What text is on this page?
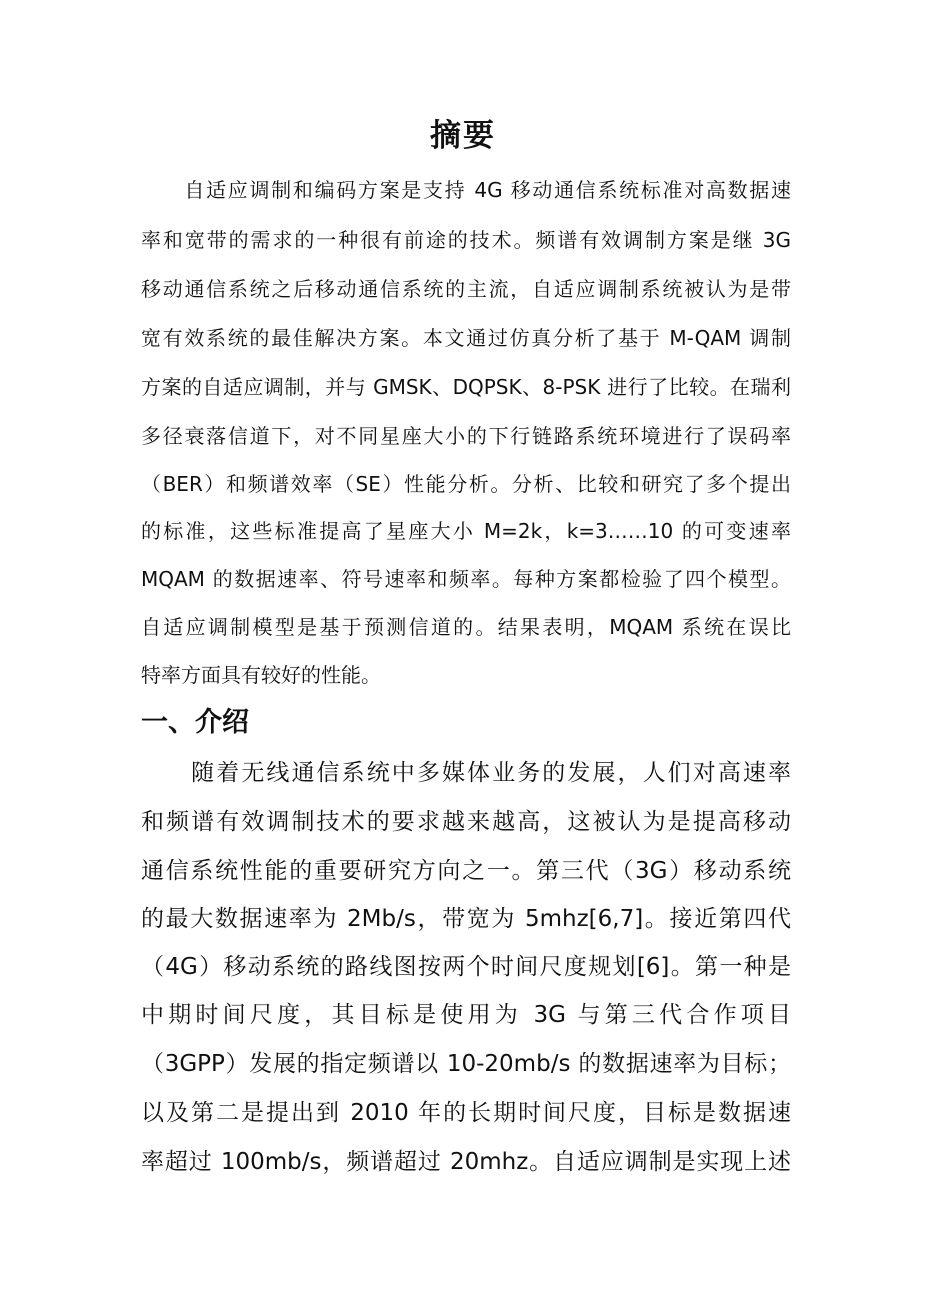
摘要
　　自适应调制和编码方案是支持 4G 移动通信系统标准对高数据速
率和宽带的需求的一种很有前途的技术。频谱有效调制方案是继 3G
移动通信系统之后移动通信系统的主流，自适应调制系统被认为是带
宽有效系统的最佳解决方案。本文通过仿真分析了基于 M-QAM 调制
方案的自适应调制，并与 GMSK、DQPSK、8-PSK 进行了比较。在瑞利
多径衰落信道下，对不同星座大小的下行链路系统环境进行了误码率
（BER）和频谱效率（SE）性能分析。分析、比较和研究了多个提出
的标准，这些标准提高了星座大小 M=2k，k=3……10 的可变速率
MQAM 的数据速率、符号速率和频率。每种方案都检验了四个模型。
自适应调制模型是基于预测信道的。结果表明，MQAM 系统在误比
特率方面具有较好的性能。
一、介绍
　　随着无线通信系统中多媒体业务的发展，人们对高速率
和频谱有效调制技术的要求越来越高，这被认为是提高移动
通信系统性能的重要研究方向之一。第三代（3G）移动系统
的最大数据速率为 2Mb/s，带宽为 5mhz[6,7]。接近第四代
（4G）移动系统的路线图按两个时间尺度规划[6]。第一种是
中期时间尺度，其目标是使用为 3G 与第三代合作项目
（3GPP）发展的指定频谱以 10-20mb/s 的数据速率为目标；
以及第二是提出到 2010 年的长期时间尺度，目标是数据速
率超过 100mb/s，频谱超过 20mhz。自适应调制是实现上述
